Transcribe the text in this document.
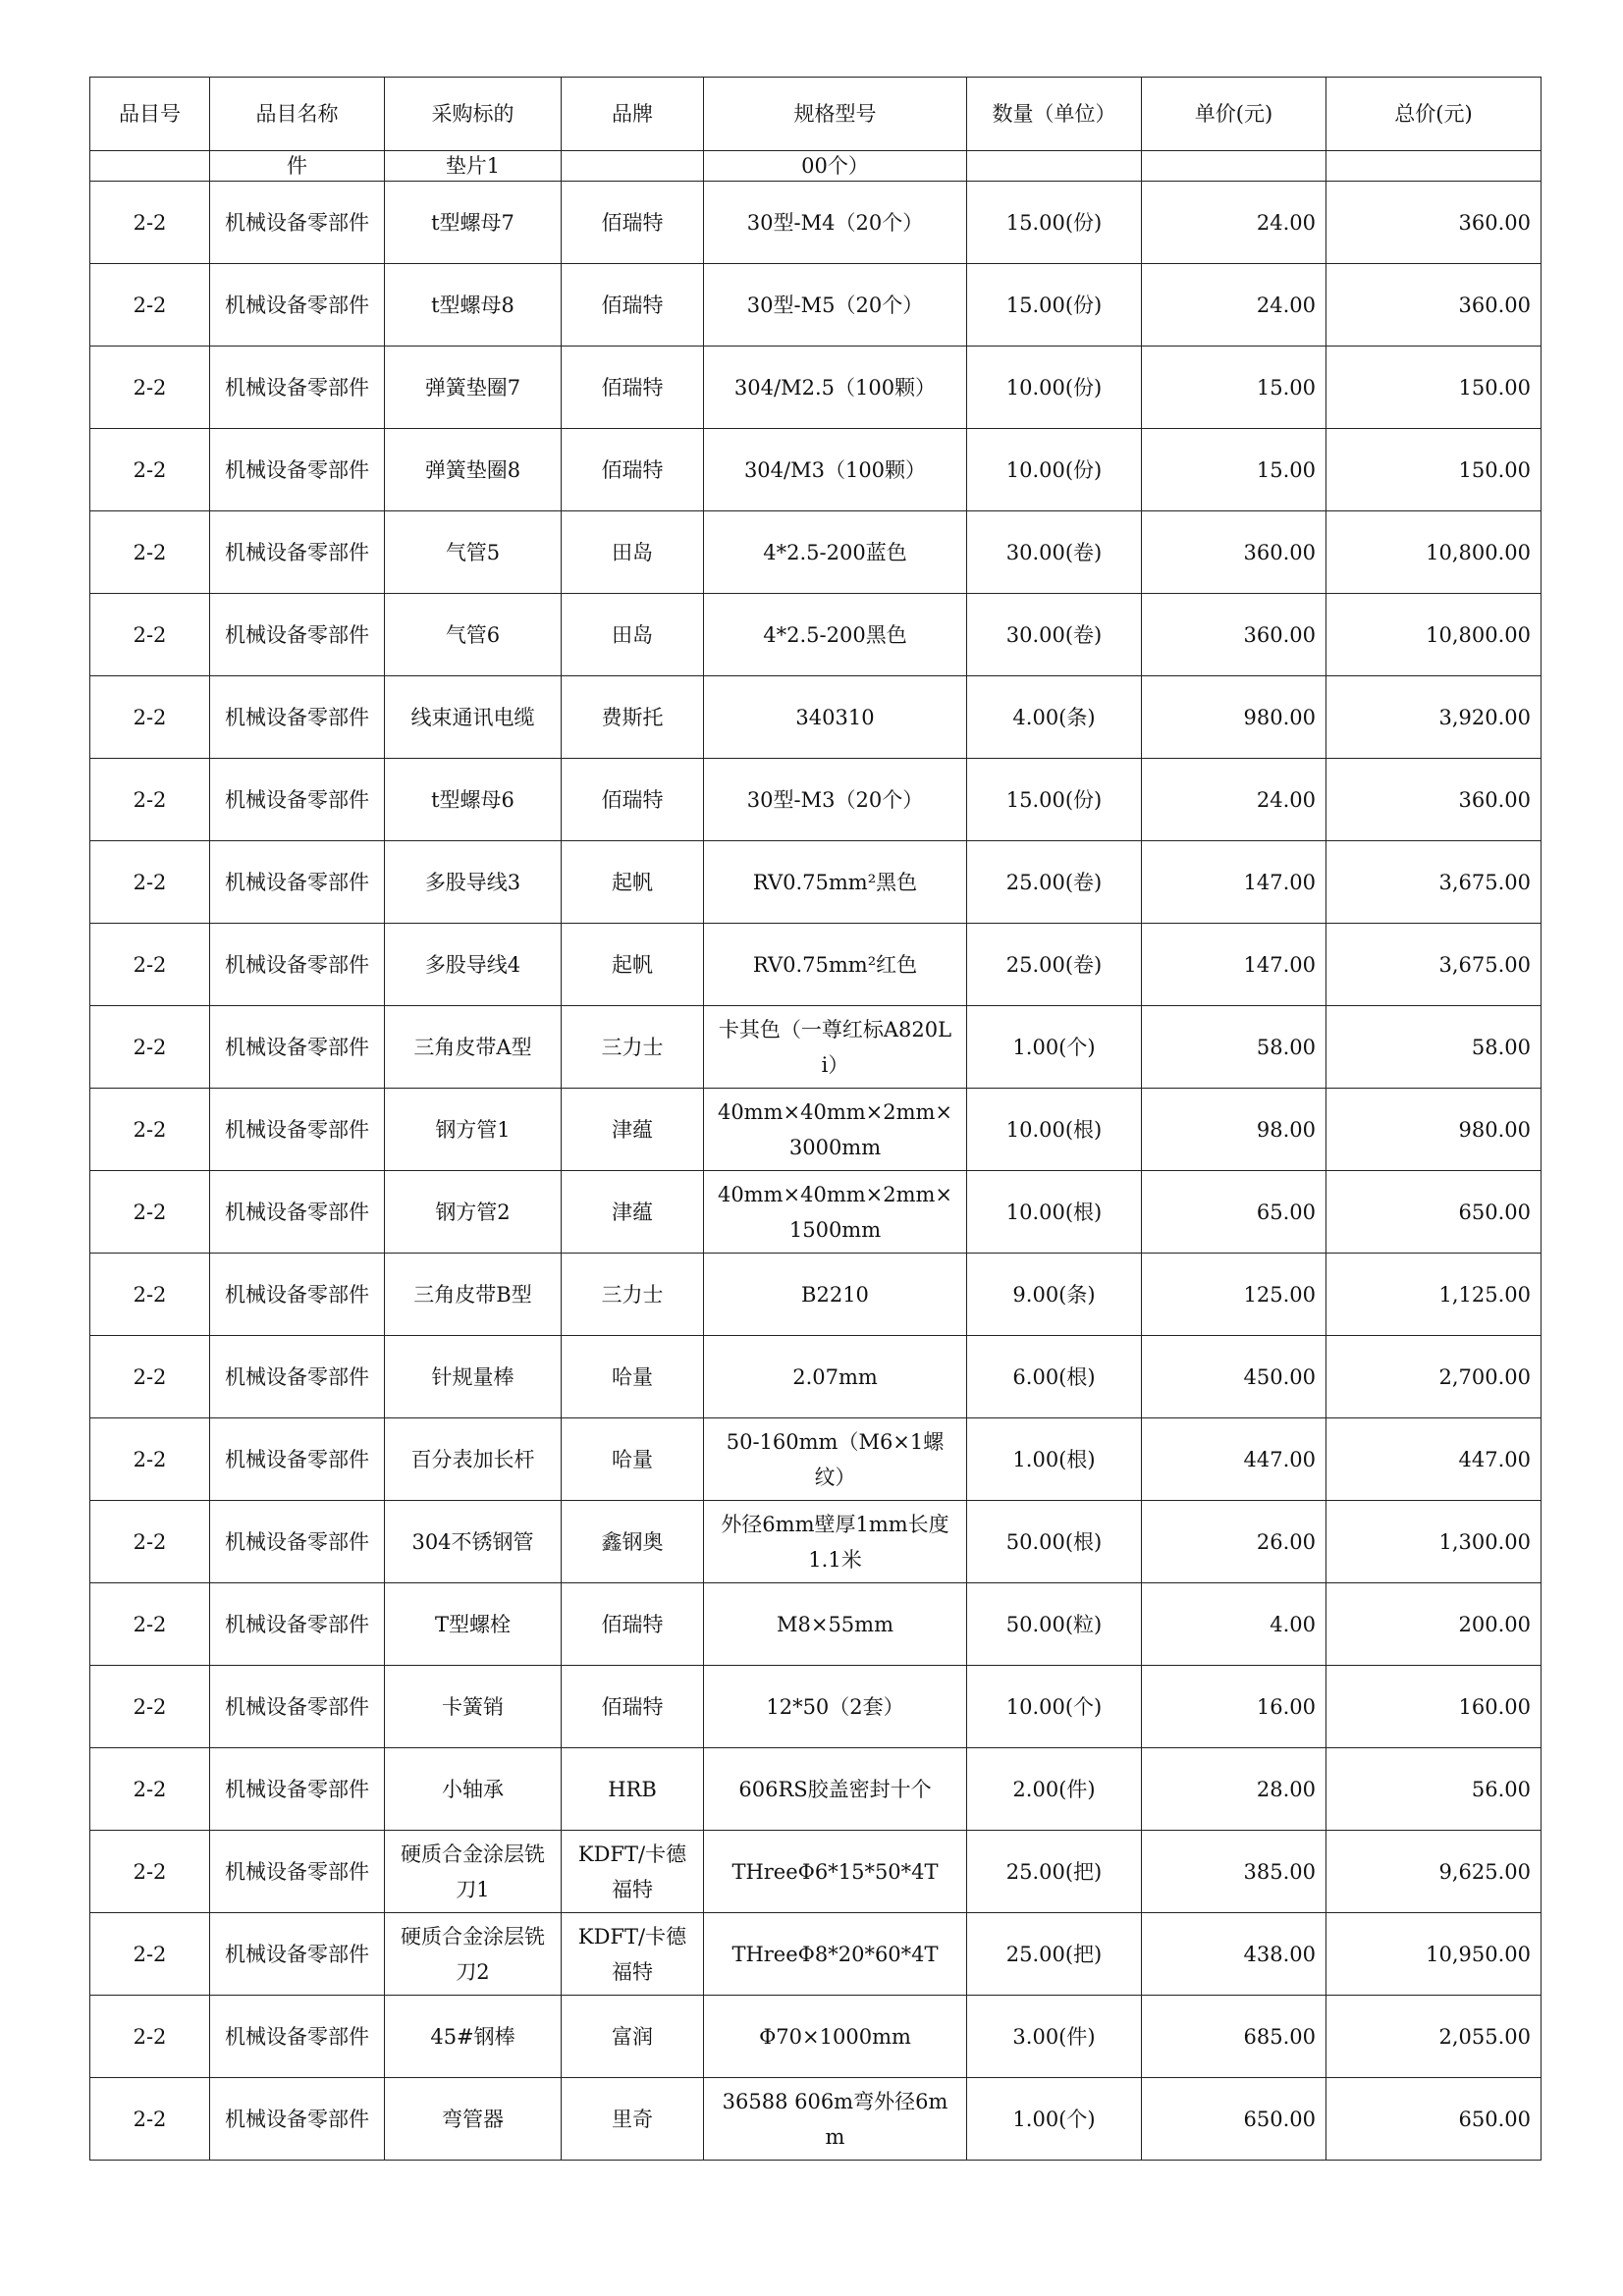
品目号	品目名称	采购标的	品牌	规格型号	数量（单位）	单价(元)	总价(元)
	件	垫片1		00个）			
2-2	机械设备零部件	t型螺母7	佰瑞特	30型-M4（20个）	15.00(份)	24.00	360.00
2-2	机械设备零部件	t型螺母8	佰瑞特	30型-M5（20个）	15.00(份)	24.00	360.00
2-2	机械设备零部件	弹簧垫圈7	佰瑞特	304/M2.5（100颗）	10.00(份)	15.00	150.00
2-2	机械设备零部件	弹簧垫圈8	佰瑞特	304/M3（100颗）	10.00(份)	15.00	150.00
2-2	机械设备零部件	气管5	田岛	4*2.5-200蓝色	30.00(卷)	360.00	10,800.00
2-2	机械设备零部件	气管6	田岛	4*2.5-200黑色	30.00(卷)	360.00	10,800.00
2-2	机械设备零部件	线束通讯电缆	费斯托	340310	4.00(条)	980.00	3,920.00
2-2	机械设备零部件	t型螺母6	佰瑞特	30型-M3（20个）	15.00(份)	24.00	360.00
2-2	机械设备零部件	多股导线3	起帆	RV0.75mm²黑色	25.00(卷)	147.00	3,675.00
2-2	机械设备零部件	多股导线4	起帆	RV0.75mm²红色	25.00(卷)	147.00	3,675.00
2-2	机械设备零部件	三角皮带A型	三力士	卡其色（一尊红标A820Li）	1.00(个)	58.00	58.00
2-2	机械设备零部件	钢方管1	津蕴	40mm×40mm×2mm×3000mm	10.00(根)	98.00	980.00
2-2	机械设备零部件	钢方管2	津蕴	40mm×40mm×2mm×1500mm	10.00(根)	65.00	650.00
2-2	机械设备零部件	三角皮带B型	三力士	B2210	9.00(条)	125.00	1,125.00
2-2	机械设备零部件	针规量棒	哈量	2.07mm	6.00(根)	450.00	2,700.00
2-2	机械设备零部件	百分表加长杆	哈量	50-160mm（M6×1螺纹）	1.00(根)	447.00	447.00
2-2	机械设备零部件	304不锈钢管	鑫钢奥	外径6mm壁厚1mm长度1.1米	50.00(根)	26.00	1,300.00
2-2	机械设备零部件	T型螺栓	佰瑞特	M8×55mm	50.00(粒)	4.00	200.00
2-2	机械设备零部件	卡簧销	佰瑞特	12*50（2套）	10.00(个)	16.00	160.00
2-2	机械设备零部件	小轴承	HRB	606RS胶盖密封十个	2.00(件)	28.00	56.00
2-2	机械设备零部件	硬质合金涂层铣刀1	KDFT/卡德福特	THreeΦ6*15*50*4T	25.00(把)	385.00	9,625.00
2-2	机械设备零部件	硬质合金涂层铣刀2	KDFT/卡德福特	THreeΦ8*20*60*4T	25.00(把)	438.00	10,950.00
2-2	机械设备零部件	45#钢棒	富润	Φ70×1000mm	3.00(件)	685.00	2,055.00
2-2	机械设备零部件	弯管器	里奇	36588 606m弯外径6mm	1.00(个)	650.00	650.00
